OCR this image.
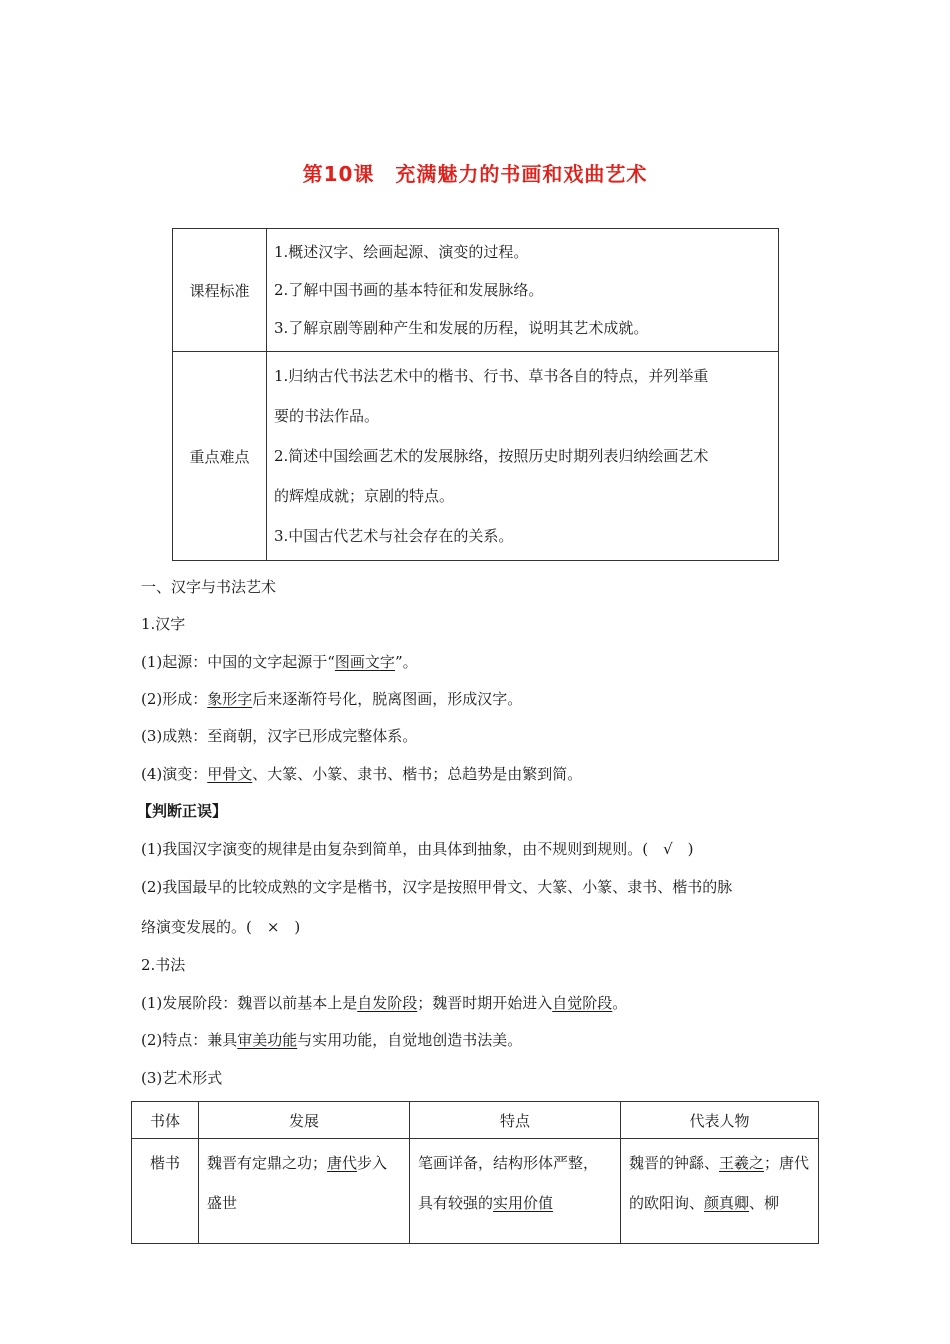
第10课　充满魅力的书画和戏曲艺术
课程标准	1.概述汉字、绘画起源、演变的过程。
2.了解中国书画的基本特征和发展脉络。
3.了解京剧等剧种产生和发展的历程，说明其艺术成就。

重点难点	1.归纳古代书法艺术中的楷书、行书、草书各自的特点，并列举重
要的书法作品。
2.简述中国绘画艺术的发展脉络，按照历史时期列表归纳绘画艺术
的辉煌成就；京剧的特点。
3.中国古代艺术与社会存在的关系。
一、汉字与书法艺术
1.汉字
(1)起源：中国的文字起源于“图画文字”。
(2)形成：象形字后来逐渐符号化，脱离图画，形成汉字。
(3)成熟：至商朝，汉字已形成完整体系。
(4)演变：甲骨文、大篆、小篆、隶书、楷书；总趋势是由繁到简。
【判断正误】
(1)我国汉字演变的规律是由复杂到简单，由具体到抽象，由不规则到规则。(　√　)
(2)我国最早的比较成熟的文字是楷书，汉字是按照甲骨文、大篆、小篆、隶书、楷书的脉
络演变发展的。(　×　)
2.书法
(1)发展阶段：魏晋以前基本上是自发阶段；魏晋时期开始进入自觉阶段。
(2)特点：兼具审美功能与实用功能，自觉地创造书法美。
(3)艺术形式
书体	发展	特点	代表人物
楷书	魏晋有定鼎之功；唐代步入盛世	笔画详备，结构形体严整，具有较强的实用价值	魏晋的钟繇、王羲之；唐代的欧阳询、颜真卿、柳
